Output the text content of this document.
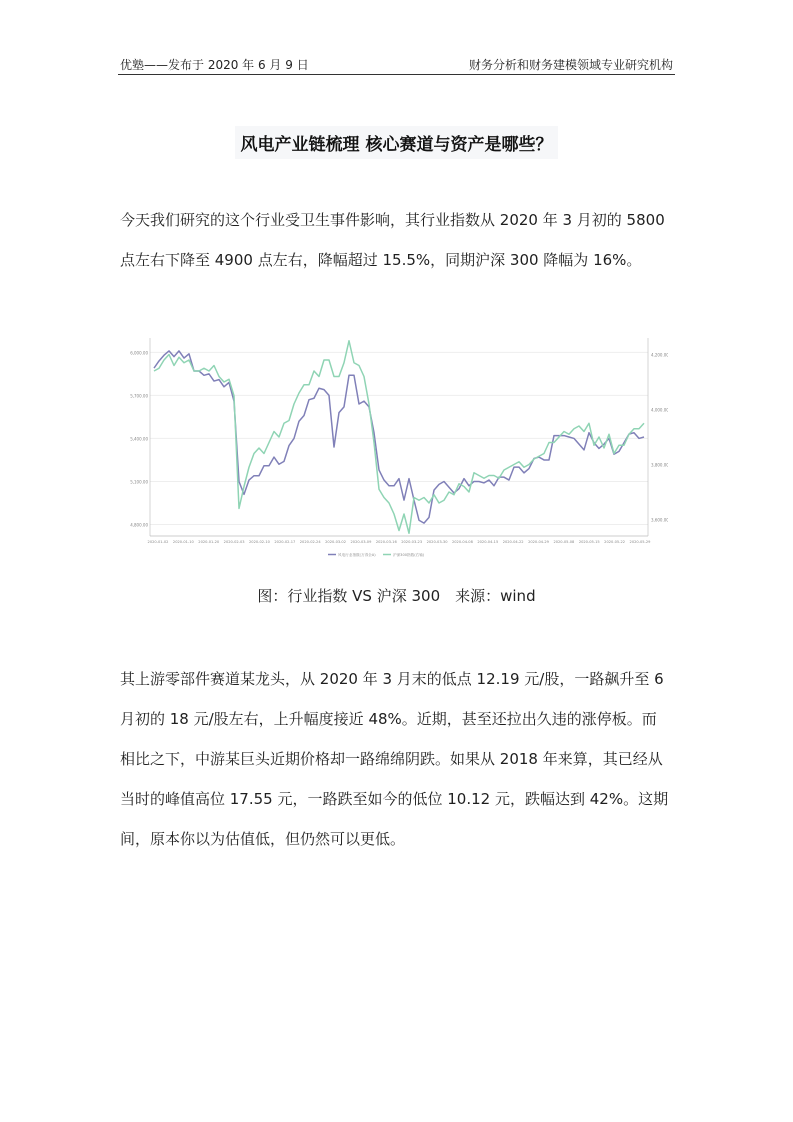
优塾——发布于 2020 年 6 月 9 日	财务分析和财务建模领域专业研究机构
风电产业链梳理 核心赛道与资产是哪些？
今天我们研究的这个行业受卫生事件影响，其行业指数从 2020 年 3 月初的 5800 点左右下降至 4900 点左右，降幅超过 15.5%，同期沪深 300 降幅为 16%。
6,000.00
5,700.00
5,400.00
5,100.00
4,800.00
4,200.00
4,000.00
3,800.00
3,600.00
2020-01-02 2020-01-10 2020-01-20 2020-02-03 2020-02-10 2020-02-17 2020-02-24 2020-03-02 2020-03-09 2020-03-16 2020-03-23 2020-03-30 2020-04-08 2020-04-15 2020-04-22 2020-04-29 2020-05-08 2020-05-15 2020-05-22 2020-05-29
风电行业指数(万得全A)	沪深300指数(右轴)
图：行业指数 VS 沪深 300　来源：wind
其上游零部件赛道某龙头，从 2020 年 3 月末的低点 12.19 元/股，一路飙升至 6 月初的 18 元/股左右，上升幅度接近 48%。近期，甚至还拉出久违的涨停板。而相比之下，中游某巨头近期价格却一路绵绵阴跌。如果从 2018 年来算，其已经从当时的峰值高位 17.55 元，一路跌至如今的低位 10.12 元，跌幅达到 42%。这期间，原本你以为估值低，但仍然可以更低。
